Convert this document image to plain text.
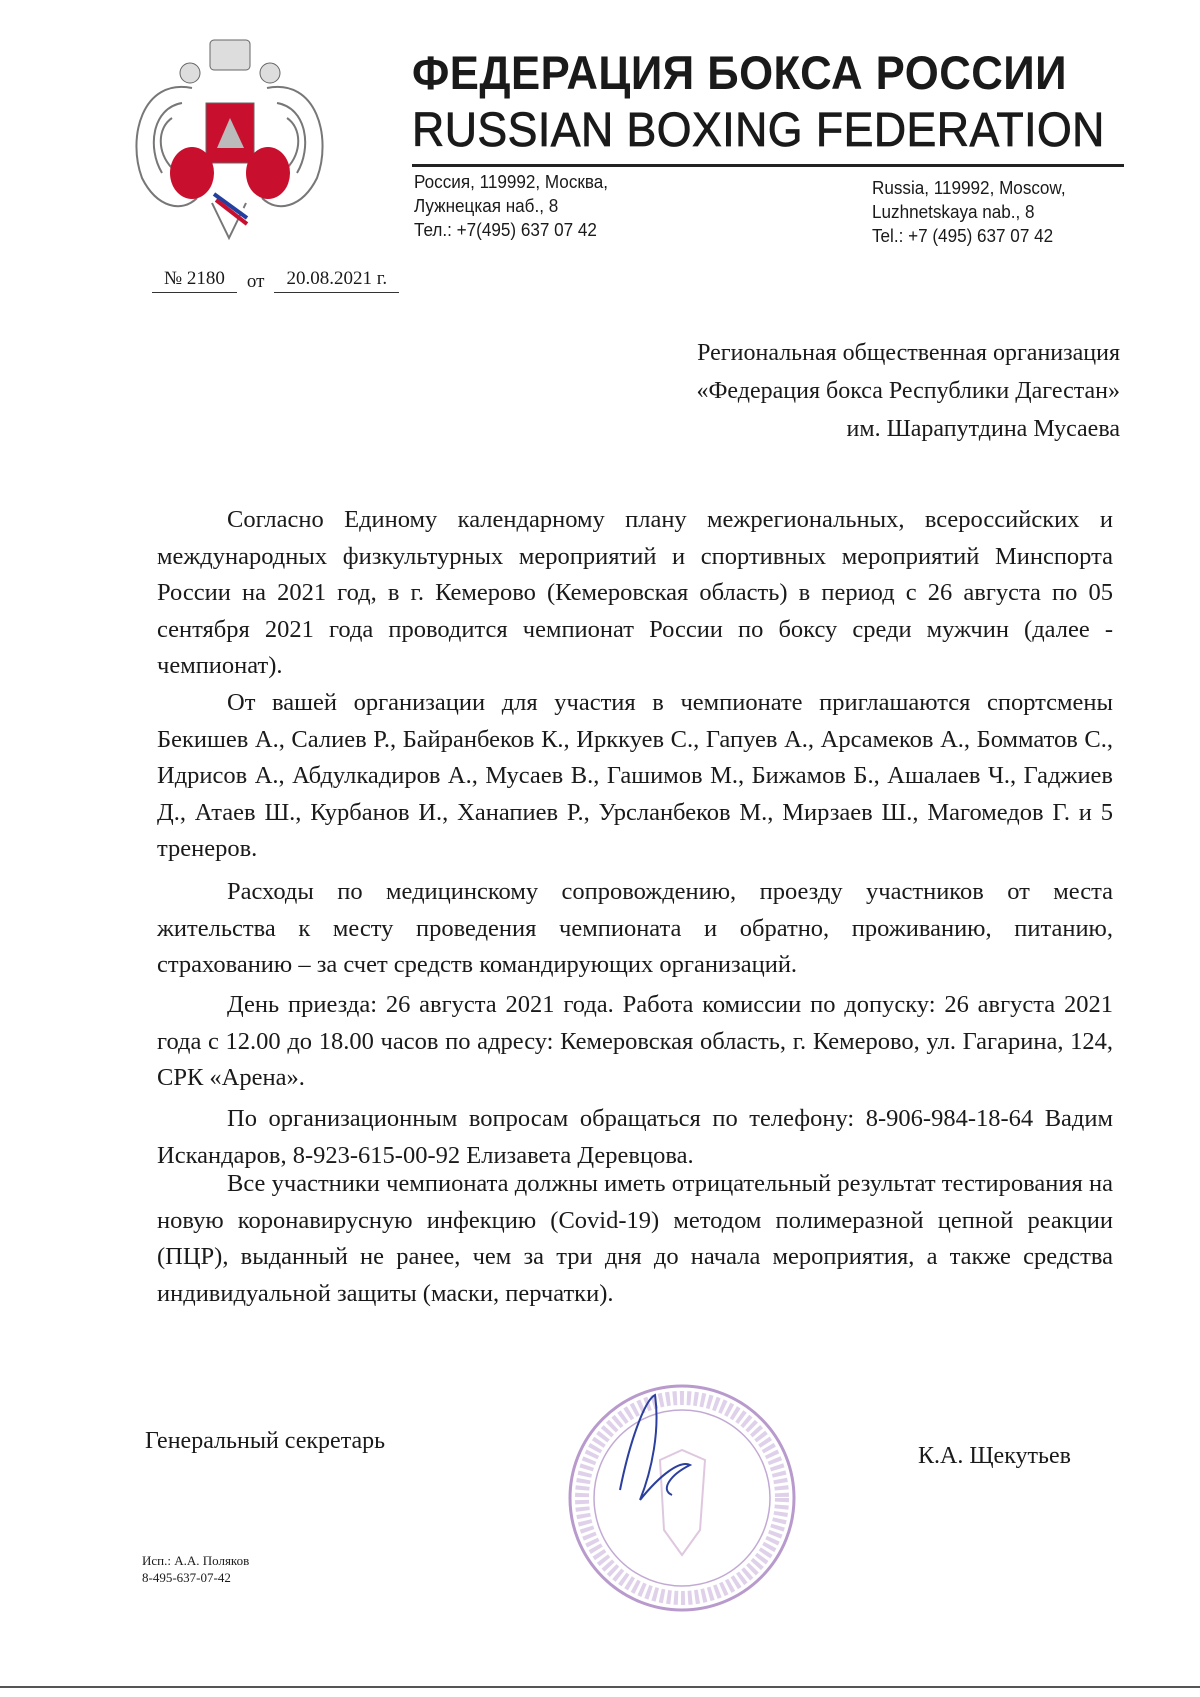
ФЕДЕРАЦИЯ БОКСА РОССИИ
RUSSIAN BOXING FEDERATION
Россия, 119992, Москва,
Лужнецкая наб., 8
Тел.: +7(495) 637 07 42
Russia, 119992, Moscow,
Luzhnetskaya nab., 8
Tel.: +7 (495) 637 07 42
№ 2180	от	20.08.2021 г.
Региональная общественная организация
«Федерация бокса Республики Дагестан»
им. Шарапутдина Мусаева
Согласно Единому календарному плану межрегиональных, всероссийских и международных физкультурных мероприятий и спортивных мероприятий Минспорта России на 2021 год, в г. Кемерово (Кемеровская область) в период с 26 августа по 05 сентября 2021 года проводится чемпионат России по боксу среди мужчин (далее - чемпионат).
От вашей организации для участия в чемпионате приглашаются спортсмены Бекишев А., Салиев Р., Байранбеков К., Ирккуев С., Гапуев А., Арсамеков А., Бомматов С., Идрисов А., Абдулкадиров А., Мусаев В., Гашимов М., Бижамов Б., Ашалаев Ч., Гаджиев Д., Атаев Ш., Курбанов И., Ханапиев Р., Урсланбеков М., Мирзаев Ш., Магомедов Г. и 5 тренеров.
Расходы по медицинскому сопровождению, проезду участников от места жительства к месту проведения чемпионата и обратно, проживанию, питанию, страхованию – за счет средств командирующих организаций.
День приезда: 26 августа 2021 года. Работа комиссии по допуску: 26 августа 2021 года с 12.00 до 18.00 часов по адресу: Кемеровская область, г. Кемерово, ул. Гагарина, 124, СРК «Арена».
По организационным вопросам обращаться по телефону: 8-906-984-18-64 Вадим Искандаров, 8-923-615-00-92 Елизавета Деревцова.
Все участники чемпионата должны иметь отрицательный результат тестирования на новую коронавирусную инфекцию (Covid-19) методом полимеразной цепной реакции (ПЦР), выданный не ранее, чем за три дня до начала мероприятия, а также средства индивидуальной защиты (маски, перчатки).
Генеральный секретарь
К.А. Щекутьев
Исп.: А.А. Поляков
8-495-637-07-42
